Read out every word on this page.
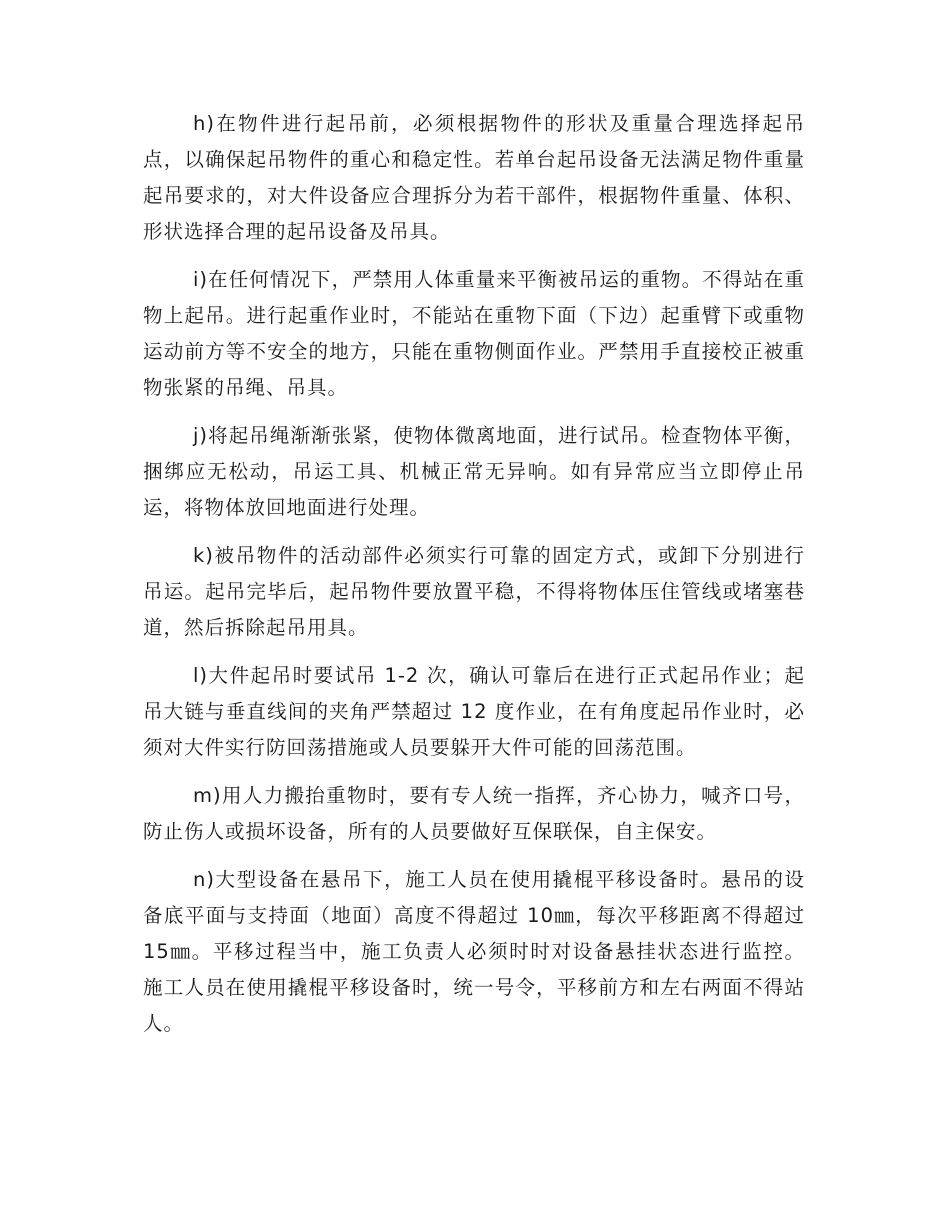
h)在物件进行起吊前，必须根据物件的形状及重量合理选择起吊点，以确保起吊物件的重心和稳定性。若单台起吊设备无法满足物件重量起吊要求的，对大件设备应合理拆分为若干部件，根据物件重量、体积、形状选择合理的起吊设备及吊具。

i)在任何情况下，严禁用人体重量来平衡被吊运的重物。不得站在重物上起吊。进行起重作业时，不能站在重物下面（下边）起重臂下或重物运动前方等不安全的地方，只能在重物侧面作业。严禁用手直接校正被重物张紧的吊绳、吊具。

j)将起吊绳渐渐张紧，使物体微离地面，进行试吊。检查物体平衡，捆绑应无松动，吊运工具、机械正常无异响。如有异常应当立即停止吊运，将物体放回地面进行处理。

k)被吊物件的活动部件必须实行可靠的固定方式，或卸下分别进行吊运。起吊完毕后，起吊物件要放置平稳，不得将物体压住管线或堵塞巷道，然后拆除起吊用具。

l)大件起吊时要试吊 1-2 次，确认可靠后在进行正式起吊作业；起吊大链与垂直线间的夹角严禁超过 12 度作业，在有角度起吊作业时，必须对大件实行防回荡措施或人员要躲开大件可能的回荡范围。

m)用人力搬抬重物时，要有专人统一指挥，齐心协力，喊齐口号，防止伤人或损坏设备，所有的人员要做好互保联保，自主保安。

n)大型设备在悬吊下，施工人员在使用撬棍平移设备时。悬吊的设备底平面与支持面（地面）高度不得超过 10㎜，每次平移距离不得超过 15㎜。平移过程当中，施工负责人必须时时对设备悬挂状态进行监控。施工人员在使用撬棍平移设备时，统一号令，平移前方和左右两面不得站人。
